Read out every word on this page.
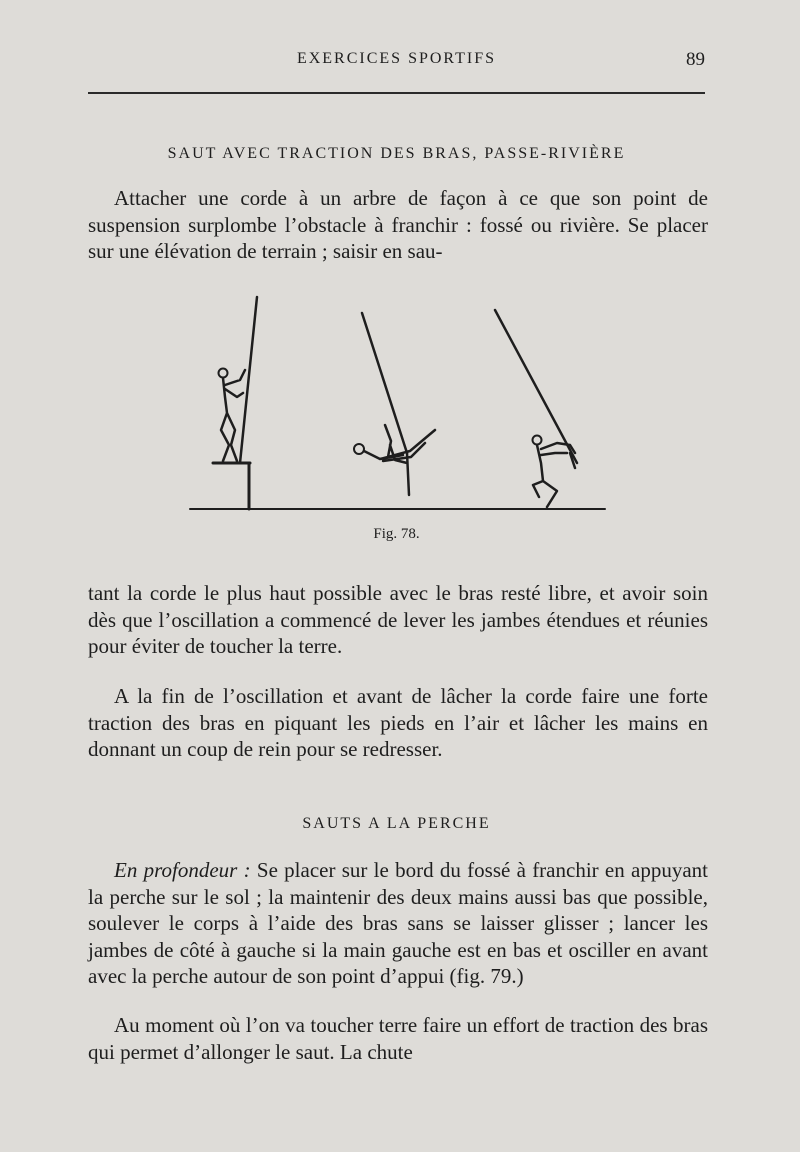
EXERCICES SPORTIFS	89
SAUT AVEC TRACTION DES BRAS, PASSE-RIVIÈRE

Attacher une corde à un arbre de façon à ce que son point de suspension surplombe l’obstacle à franchir : fossé ou rivière. Se placer sur une élévation de terrain ; saisir en sau-

Fig. 78.

tant la corde le plus haut possible avec le bras resté libre, et avoir soin dès que l’oscillation a commencé de lever les jambes étendues et réunies pour éviter de toucher la terre.

A la fin de l’oscillation et avant de lâcher la corde faire une forte traction des bras en piquant les pieds en l’air et lâcher les mains en donnant un coup de rein pour se redresser.

SAUTS A LA PERCHE

En profondeur : Se placer sur le bord du fossé à franchir en appuyant la perche sur le sol ; la maintenir des deux mains aussi bas que possible, soulever le corps à l’aide des bras sans se laisser glisser ; lancer les jambes de côté à gauche si la main gauche est en bas et osciller en avant avec la perche autour de son point d’appui (fig. 79.)

Au moment où l’on va toucher terre faire un effort de traction des bras qui permet d’allonger le saut. La chute
